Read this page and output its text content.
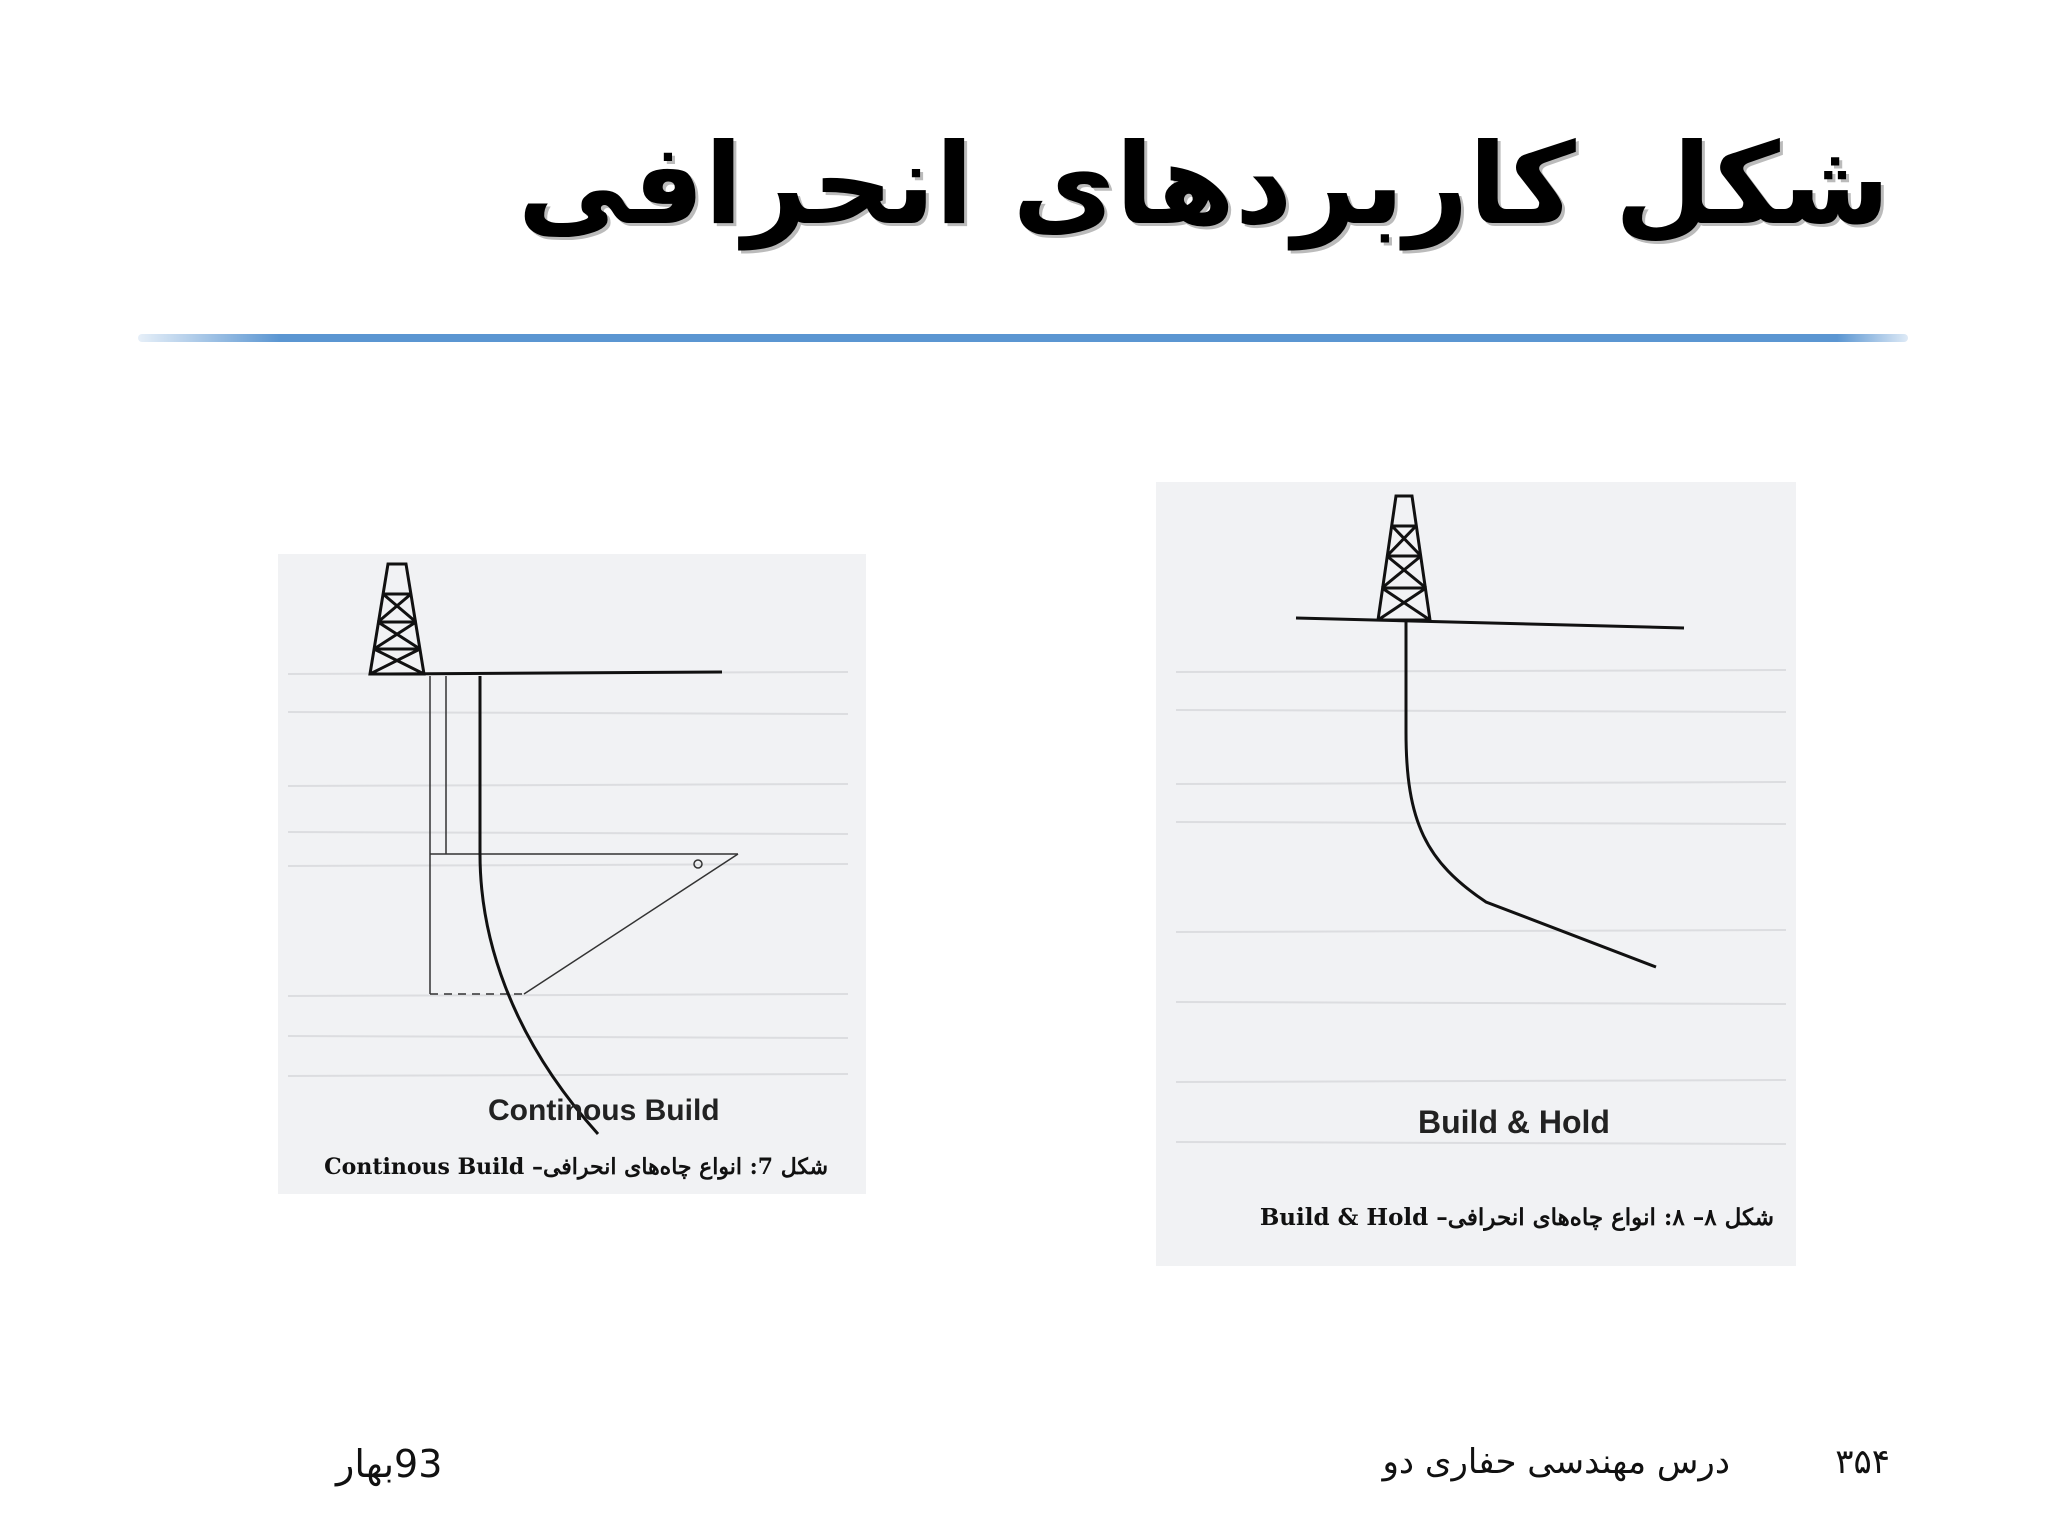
شکل کاربردهای انحرافی
Continous Build
شکل 7: انواع چاه‌های انحرافی– Continous Build
Build & Hold
شکل ۸– ۸: انواع چاه‌های انحرافی– Build & Hold
۳۵۴
درس مهندسی حفاری دو
93بهار
